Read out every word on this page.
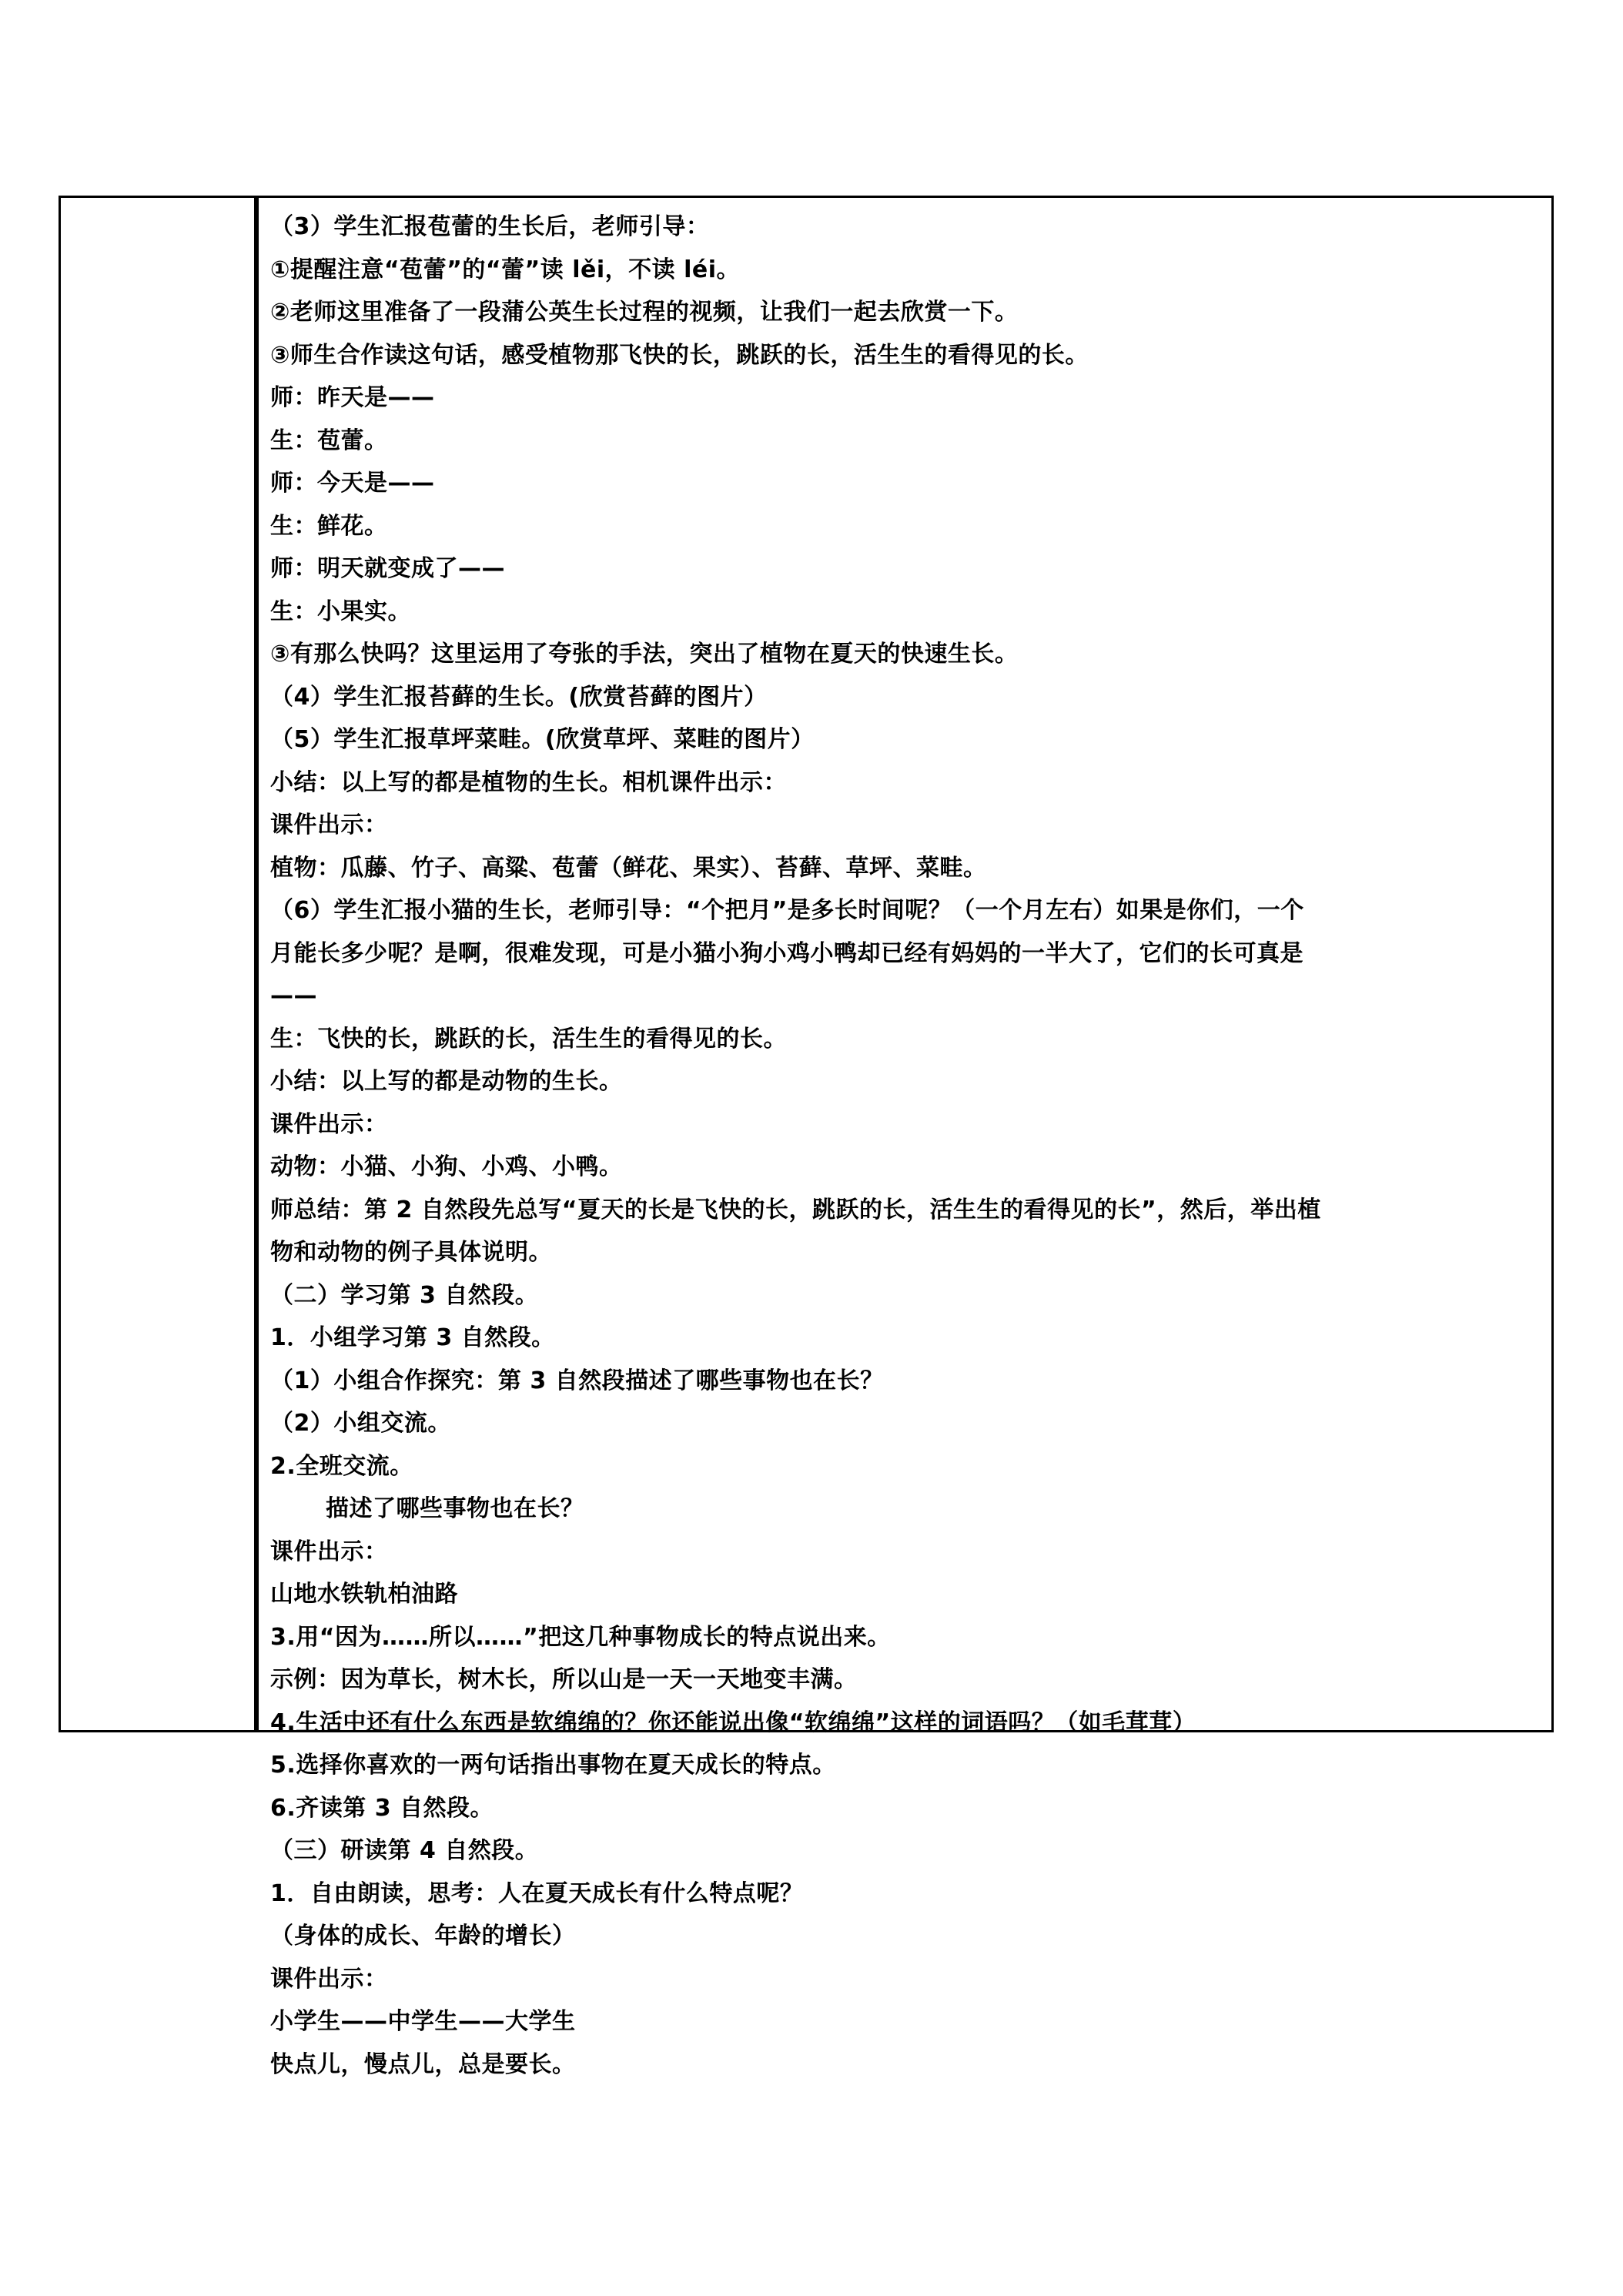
（3）学生汇报苞蕾的生长后，老师引导：
①提醒注意“苞蕾”的“蕾”读 lěi，不读 léi。
②老师这里准备了一段蒲公英生长过程的视频，让我们一起去欣赏一下。
③师生合作读这句话，感受植物那飞快的长，跳跃的长，活生生的看得见的长。
师：昨天是——
生：苞蕾。
师：今天是——
生：鲜花。
师：明天就变成了——
生：小果实。
③有那么快吗？这里运用了夸张的手法，突出了植物在夏天的快速生长。
（4）学生汇报苔藓的生长。(欣赏苔藓的图片）
（5）学生汇报草坪菜畦。(欣赏草坪、菜畦的图片）
小结：以上写的都是植物的生长。相机课件出示：
课件出示：
植物：瓜藤、竹子、高粱、苞蕾（鲜花、果实）、苔藓、草坪、菜畦。
（6）学生汇报小猫的生长，老师引导：“个把月”是多长时间呢？（一个月左右）如果是你们，一个
月能长多少呢？是啊，很难发现，可是小猫小狗小鸡小鸭却已经有妈妈的一半大了，它们的长可真是
——
生：飞快的长，跳跃的长，活生生的看得见的长。
小结：以上写的都是动物的生长。
课件出示：
动物：小猫、小狗、小鸡、小鸭。
师总结：第 2 自然段先总写“夏天的长是飞快的长，跳跃的长，活生生的看得见的长”，然后，举出植
物和动物的例子具体说明。
（二）学习第 3 自然段。
1．小组学习第 3 自然段。
（1）小组合作探究：第 3 自然段描述了哪些事物也在长？
（2）小组交流。
2.全班交流。
描述了哪些事物也在长？
课件出示：
山地水铁轨柏油路
3.用“因为……所以……”把这几种事物成长的特点说出来。
示例：因为草长，树木长，所以山是一天一天地变丰满。
4.生活中还有什么东西是软绵绵的？你还能说出像“软绵绵”这样的词语吗？（如毛茸茸）
5.选择你喜欢的一两句话指出事物在夏天成长的特点。
6.齐读第 3 自然段。
（三）研读第 4 自然段。
1．自由朗读，思考：人在夏天成长有什么特点呢？
（身体的成长、年龄的增长）
课件出示：
小学生——中学生——大学生
快点儿，慢点儿，总是要长。
